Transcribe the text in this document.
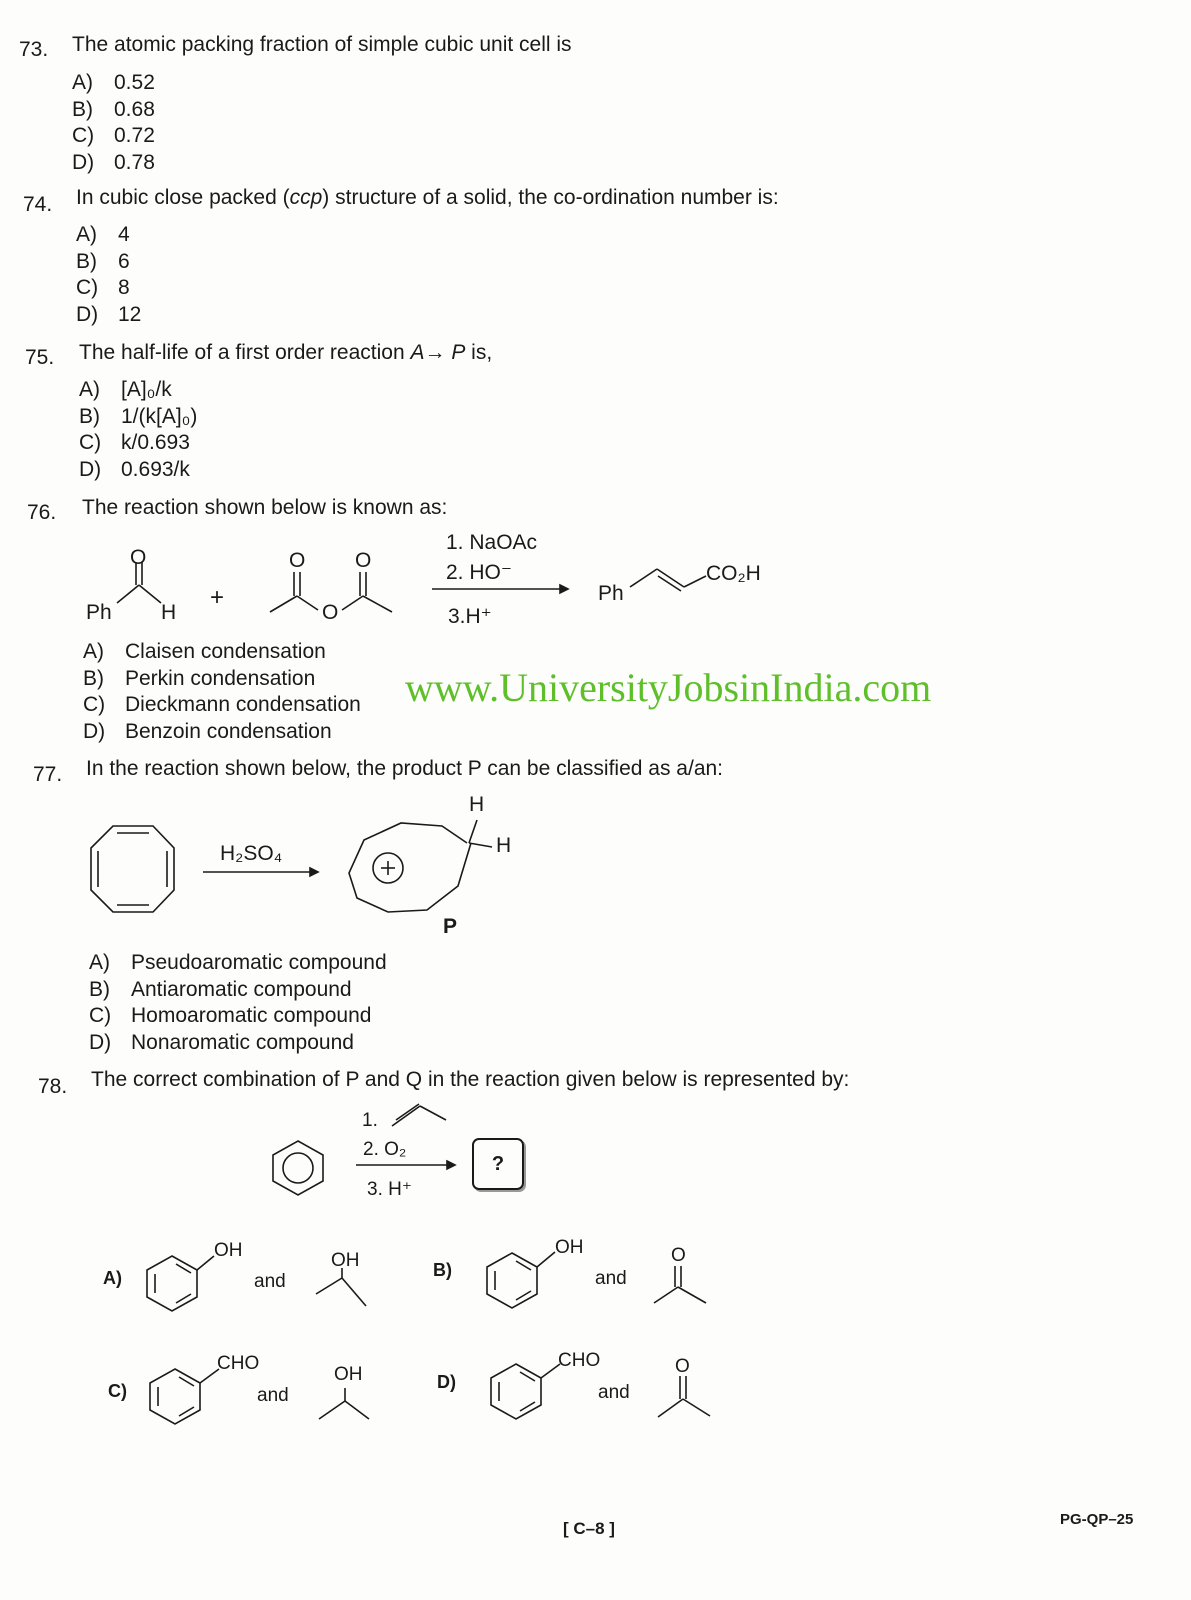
73. The atomic packing fraction of simple cubic unit cell is
A) 0.52
B) 0.68
C) 0.72
D) 0.78
74. In cubic close packed (ccp) structure of a solid, the co-ordination number is:
A) 4
B) 6
C) 8
D) 12
75. The half-life of a first order reaction A→ P is,
A) [A]₀/k
B) 1/(k[A]₀)
C) k/0.693
D) 0.693/k
76. The reaction shown below is known as:
Ph H
O
+
O O
O
1. NaOAc
2. HO⁻
3.H⁺
Ph
CO₂H
A) Claisen condensation
B) Perkin condensation
C) Dieckmann condensation
D) Benzoin condensation
www.UniversityJobsinIndia.com
77. In the reaction shown below, the product P can be classified as a/an:
H₂SO₄
H
H
P
A) Pseudoaromatic compound
B) Antiaromatic compound
C) Homoaromatic compound
D) Nonaromatic compound
78. The correct combination of P and Q in the reaction given below is represented by:
1.
2. O₂
3. H⁺
?
A)
OH
and
OH	B)
OH
and
O
C)
CHO
and
OH	D)
CHO
and
O
[ C–8 ]	PG-QP–25
